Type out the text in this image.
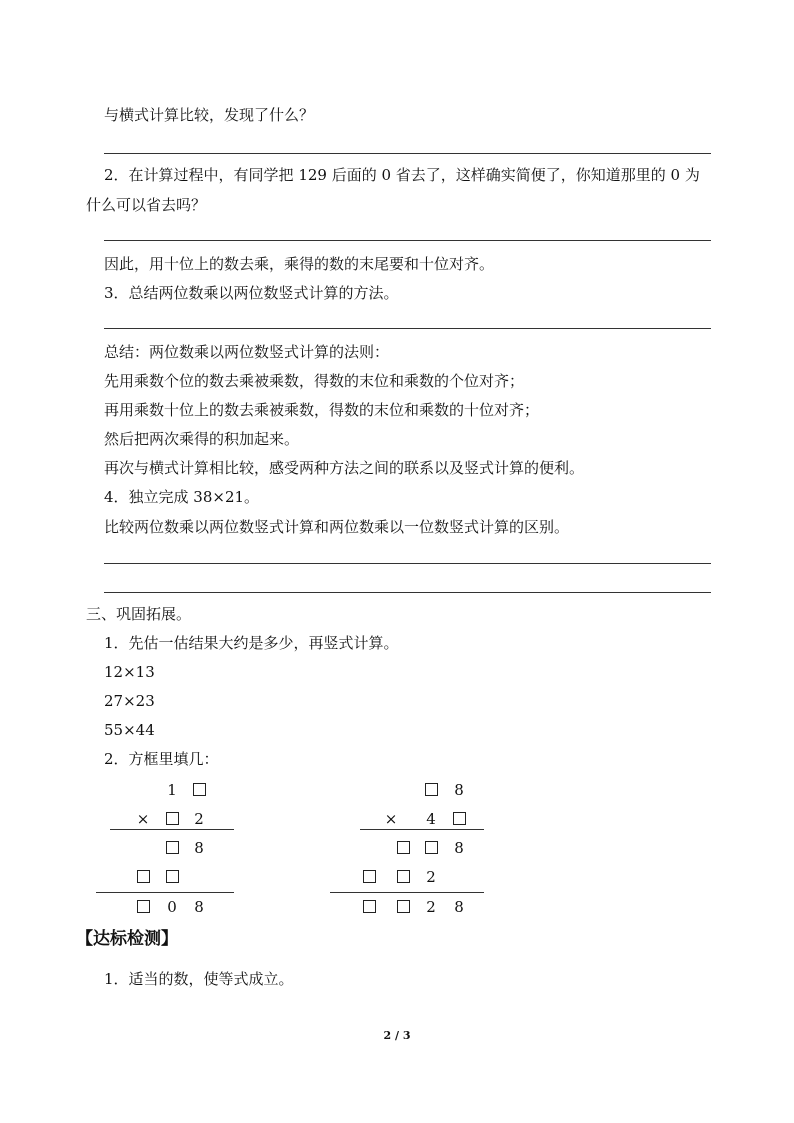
与横式计算比较，发现了什么？
2．在计算过程中，有同学把 129 后面的 0 省去了，这样确实简便了，你知道那里的 0 为
什么可以省去吗？
因此，用十位上的数去乘，乘得的数的末尾要和十位对齐。
3．总结两位数乘以两位数竖式计算的方法。
总结：两位数乘以两位数竖式计算的法则：
先用乘数个位的数去乘被乘数，得数的末位和乘数的个位对齐；
再用乘数十位上的数去乘被乘数，得数的末位和乘数的十位对齐；
然后把两次乘得的积加起来。
再次与横式计算相比较，感受两种方法之间的联系以及竖式计算的便利。
4．独立完成 38×21。
比较两位数乘以两位数竖式计算和两位数乘以一位数竖式计算的区别。
三、巩固拓展。
1．先估一估结果大约是多少，再竖式计算。
12×13
27×23
55×44
2．方框里填几：
1
×	2
8
0 8
8
× 4
8
2
2 8
【达标检测】
1．适当的数，使等式成立。
2 / 3
